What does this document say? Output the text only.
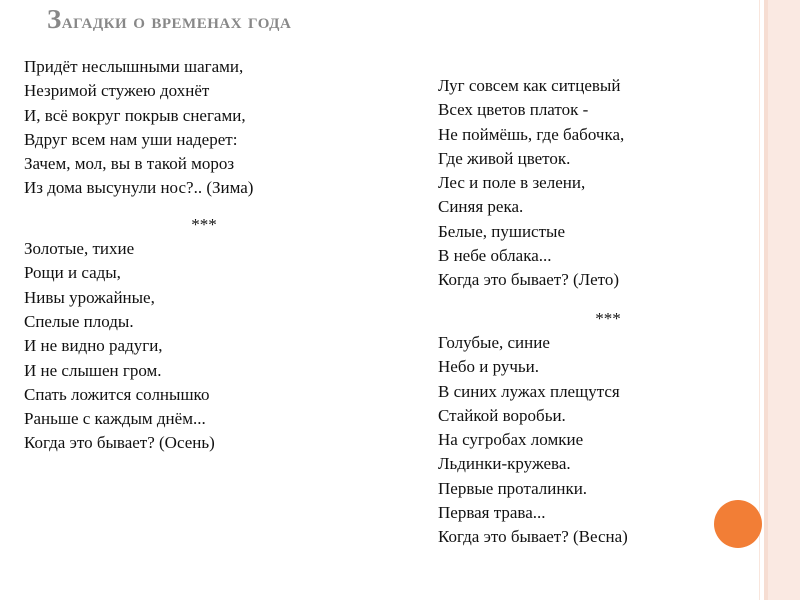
Загадки о временах года
Придёт неслышными шагами,
Незримой стужею дохнёт
И, всё вокруг покрыв снегами,
Вдруг всем нам уши надерет:
Зачем, мол, вы в такой мороз
Из дома высунули нос?.. (Зима)
***
Золотые, тихие
Рощи и сады,
Нивы урожайные,
Спелые плоды.
И не видно радуги,
И не слышен гром.
Спать ложится солнышко
Раньше с каждым днём...
Когда это бывает? (Осень)
Луг совсем как ситцевый
Всех цветов платок -
Не поймёшь, где бабочка,
Где живой цветок.
Лес и поле в зелени,
Синяя река.
Белые, пушистые
В небе облака...
Когда это бывает? (Лето)
***
Голубые, синие
Небо и ручьи.
В синих лужах плещутся
Стайкой воробьи.
На сугробах ломкие
Льдинки-кружева.
Первые проталинки.
Первая трава...
Когда это бывает? (Весна)
